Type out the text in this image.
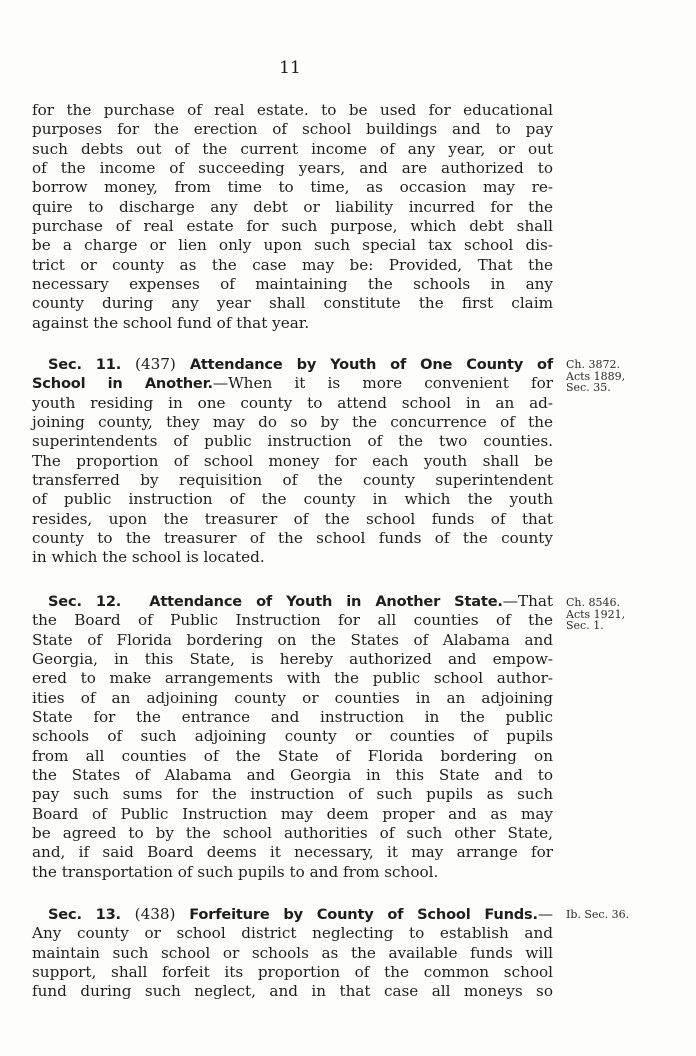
11
for the purchase of real estate. to be used for educational
purposes for the erection of school buildings and to pay
such debts out of the current income of any year, or out
of the income of succeeding years, and are authorized to
borrow money, from time to time, as occasion may re-
quire to discharge any debt or liability incurred for the
purchase of real estate for such purpose, which debt shall
be a charge or lien only upon such special tax school dis-
trict or county as the case may be: Provided, That the
necessary expenses of maintaining the schools in any
county during any year shall constitute the first claim
against the school fund of that year.
Sec. 11. (437) Attendance by Youth of One County of
School in Another.—When it is more convenient for
youth residing in one county to attend school in an ad-
joining county, they may do so by the concurrence of the
superintendents of public instruction of the two counties.
The proportion of school money for each youth shall be
transferred by requisition of the county superintendent
of public instruction of the county in which the youth
resides, upon the treasurer of the school funds of that
county to the treasurer of the school funds of the county
in which the school is located.
Ch. 3872.
Acts 1889,
Sec. 35.
Sec. 12. Attendance of Youth in Another State.—That
the Board of Public Instruction for all counties of the
State of Florida bordering on the States of Alabama and
Georgia, in this State, is hereby authorized and empow-
ered to make arrangements with the public school author-
ities of an adjoining county or counties in an adjoining
State for the entrance and instruction in the public
schools of such adjoining county or counties of pupils
from all counties of the State of Florida bordering on
the States of Alabama and Georgia in this State and to
pay such sums for the instruction of such pupils as such
Board of Public Instruction may deem proper and as may
be agreed to by the school authorities of such other State,
and, if said Board deems it necessary, it may arrange for
the transportation of such pupils to and from school.
Ch. 8546.
Acts 1921,
Sec. 1.
Sec. 13. (438) Forfeiture by County of School Funds.—
Any county or school district neglecting to establish and
maintain such school or schools as the available funds will
support, shall forfeit its proportion of the common school
fund during such neglect, and in that case all moneys so
Ib. Sec. 36.
